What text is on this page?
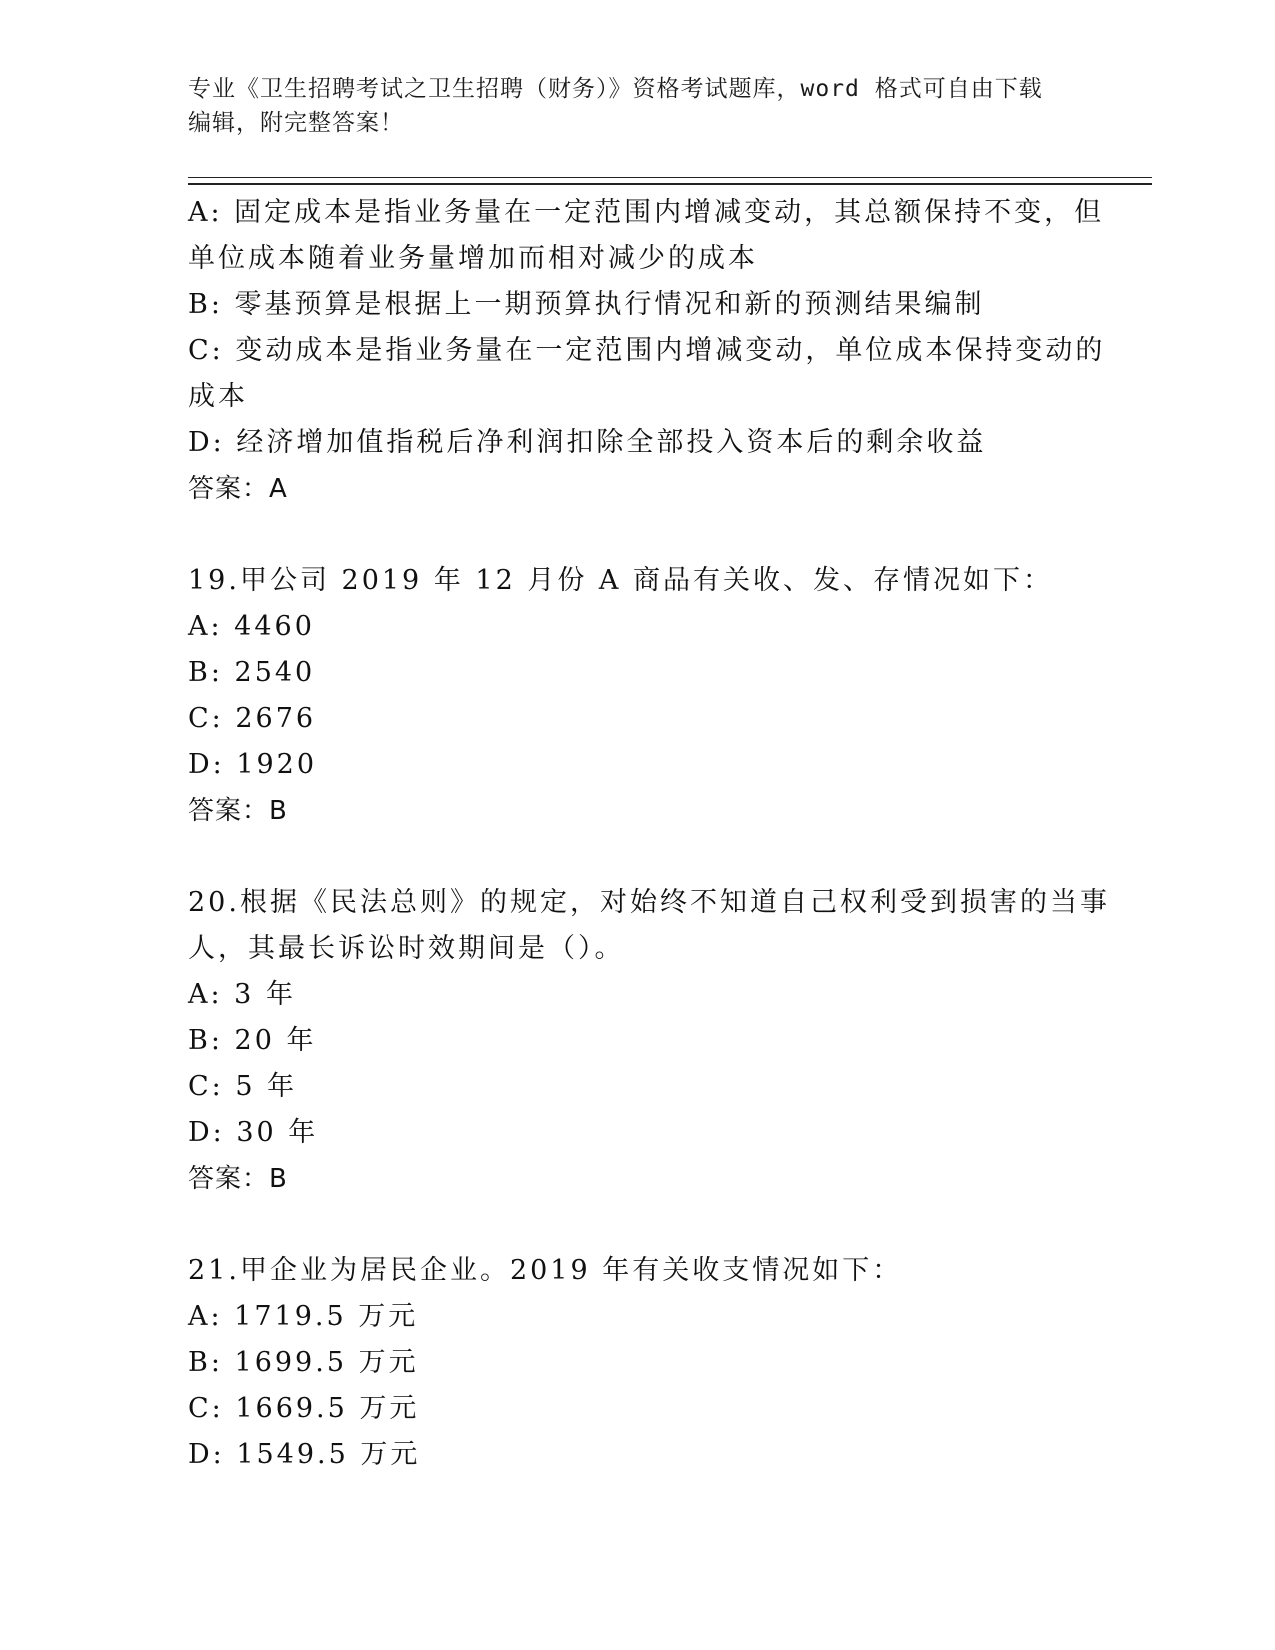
专业《卫生招聘考试之卫生招聘（财务）》资格考试题库，word 格式可自由下载
编辑，附完整答案！
A: 固定成本是指业务量在一定范围内增减变动，其总额保持不变，但
单位成本随着业务量增加而相对减少的成本
B: 零基预算是根据上一期预算执行情况和新的预测结果编制
C: 变动成本是指业务量在一定范围内增减变动，单位成本保持变动的
成本
D: 经济增加值指税后净利润扣除全部投入资本后的剩余收益
答案：A
19.甲公司 2019 年 12 月份 A 商品有关收、发、存情况如下：
A: 4460
B: 2540
C: 2676
D: 1920
答案：B
20.根据《民法总则》的规定，对始终不知道自己权利受到损害的当事
人，其最长诉讼时效期间是（）。
A: 3 年
B: 20 年
C: 5 年
D: 30 年
答案：B
21.甲企业为居民企业。2019 年有关收支情况如下：
A: 1719.5 万元
B: 1699.5 万元
C: 1669.5 万元
D: 1549.5 万元
